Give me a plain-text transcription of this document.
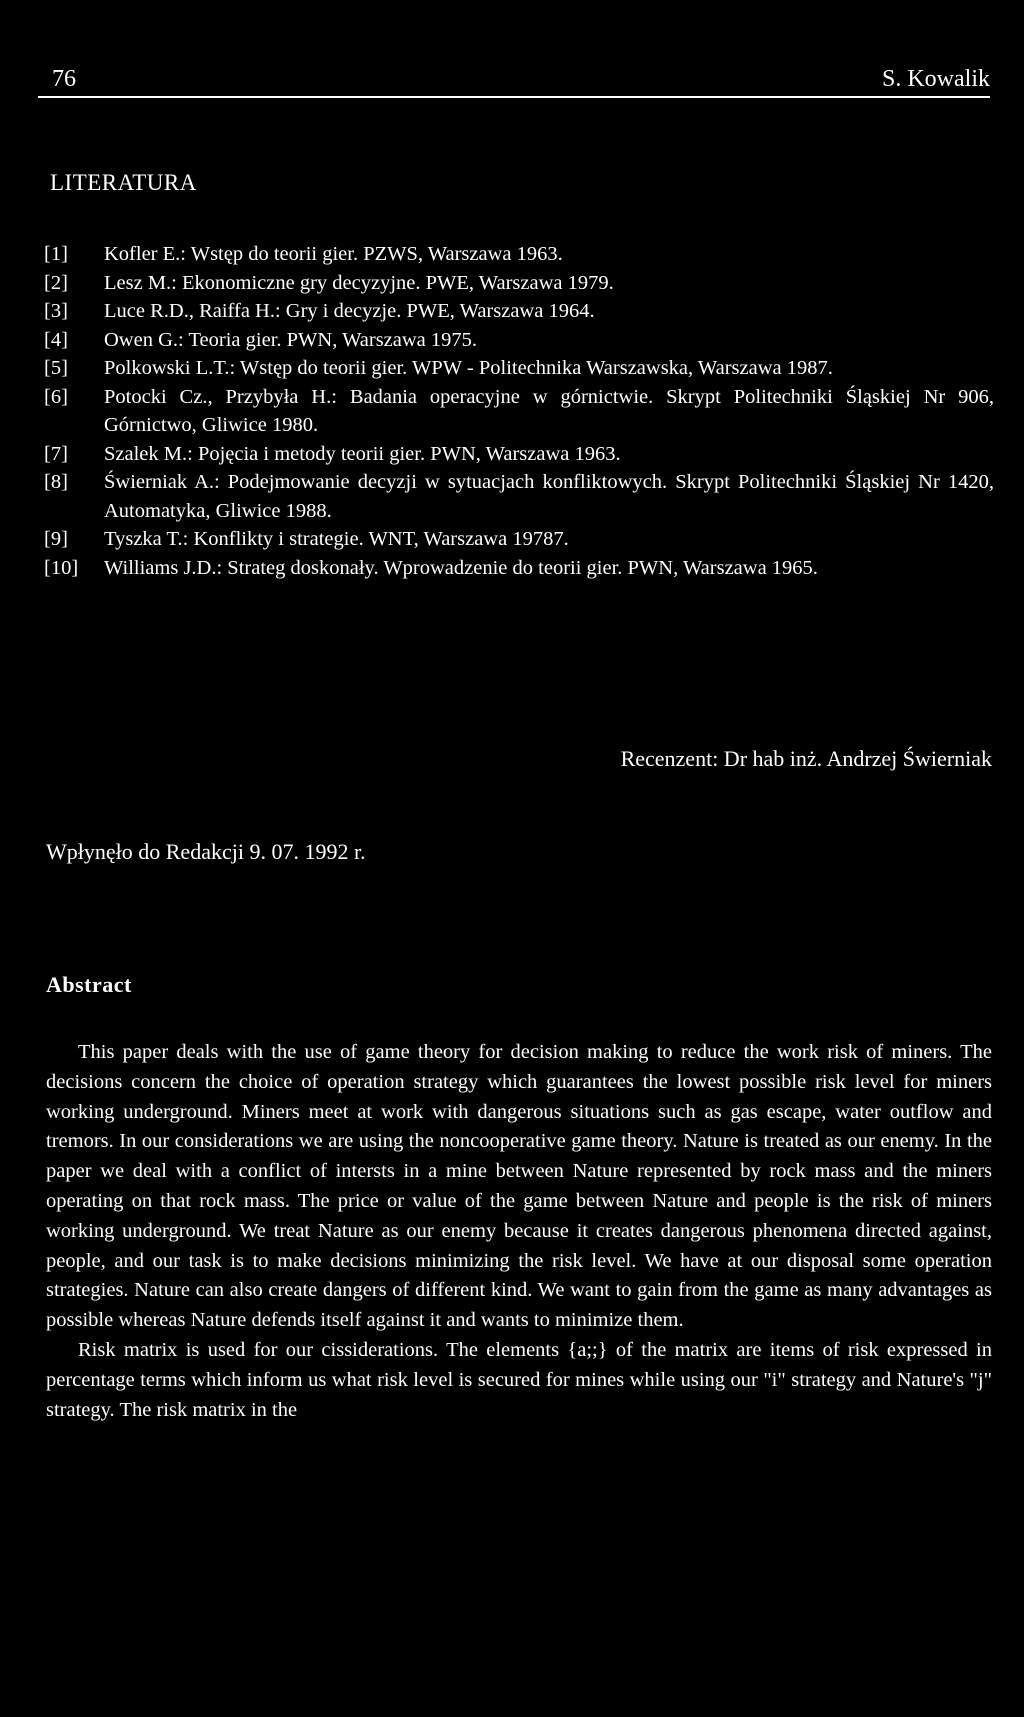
76	S. Kowalik
LITERATURA
[1]	Kofler E.: Wstęp do teorii gier. PZWS, Warszawa 1963.
[2]	Lesz M.: Ekonomiczne gry decyzyjne. PWE, Warszawa 1979.
[3]	Luce R.D., Raiffa H.: Gry i decyzje. PWE, Warszawa 1964.
[4]	Owen G.: Teoria gier. PWN, Warszawa 1975.
[5]	Polkowski L.T.: Wstęp do teorii gier. WPW - Politechnika Warszawska, Warszawa 1987.
[6]	Potocki Cz., Przybyła H.: Badania operacyjne w górnictwie. Skrypt Politechniki Śląskiej Nr 906, Górnictwo, Gliwice 1980.
[7]	Szalek M.: Pojęcia i metody teorii gier. PWN, Warszawa 1963.
[8]	Świerniak A.: Podejmowanie decyzji w sytuacjach konfliktowych. Skrypt Politechniki Śląskiej Nr 1420, Automatyka, Gliwice 1988.
[9]	Tyszka T.: Konflikty i strategie. WNT, Warszawa 19787.
[10]	Williams J.D.: Strateg doskonały. Wprowadzenie do teorii gier. PWN, Warszawa 1965.
Recenzent: Dr hab inż. Andrzej Świerniak
Wpłynęło do Redakcji 9. 07. 1992 r.
Abstract

This paper deals with the use of game theory for decision making to reduce the work risk of miners. The decisions concern the choice of operation strategy which guarantees the lowest possible risk level for miners working underground. Miners meet at work with dangerous situations such as gas escape, water outflow and tremors. In our considerations we are using the noncooperative game theory. Nature is treated as our enemy. In the paper we deal with a conflict of intersts in a mine between Nature represented by rock mass and the miners operating on that rock mass. The price or value of the game between Nature and people is the risk of miners working underground. We treat Nature as our enemy because it creates dangerous phenomena directed against, people, and our task is to make decisions minimizing the risk level. We have at our disposal some operation strategies. Nature can also create dangers of different kind. We want to gain from the game as many advantages as possible whereas Nature defends itself against it and wants to minimize them.

Risk matrix is used for our cissiderations. The elements {a;;} of the matrix are items of risk expressed in percentage terms which inform us what risk level is secured for mines while using our "i" strategy and Nature's "j" strategy. The risk matrix in the
